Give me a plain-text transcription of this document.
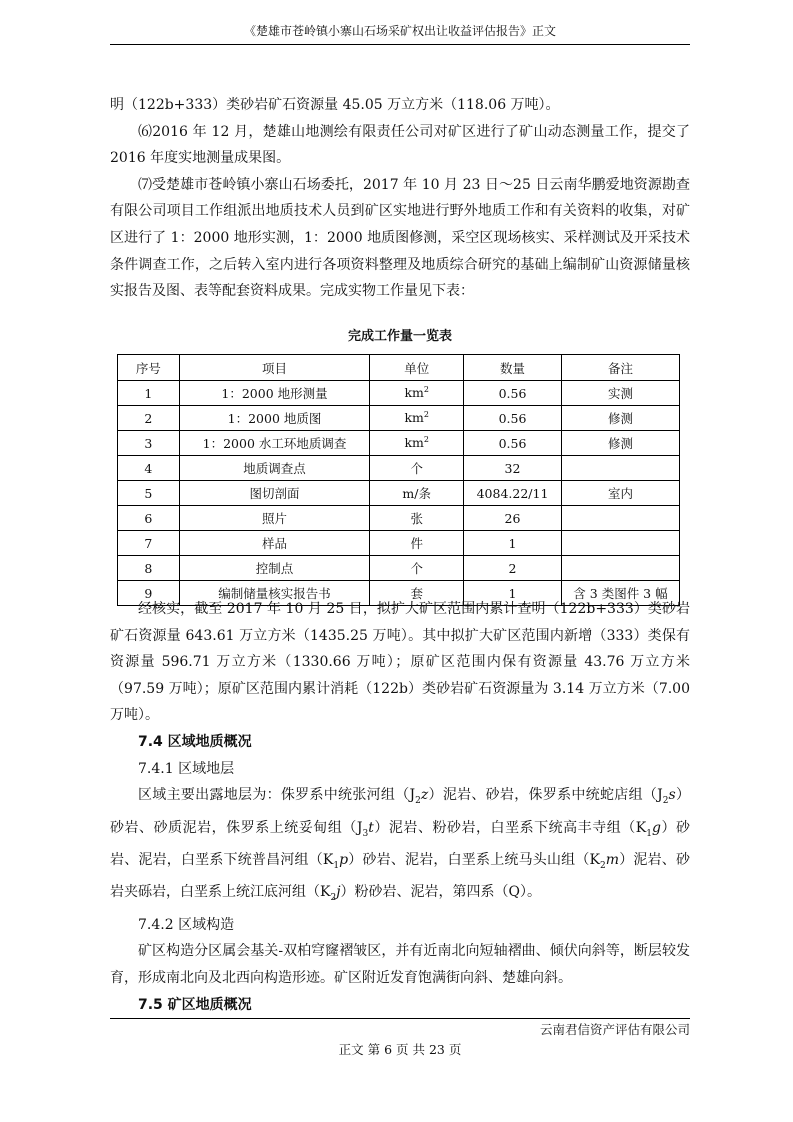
《楚雄市苍岭镇小寨山石场采矿权出让收益评估报告》正文

明（122b+333）类砂岩矿石资源量 45.05 万立方米（118.06 万吨）。

⑹2016 年 12 月，楚雄山地测绘有限责任公司对矿区进行了矿山动态测量工作，提交了 2016 年度实地测量成果图。

⑺受楚雄市苍岭镇小寨山石场委托，2017 年 10 月 23 日～25 日云南华鹏爱地资源勘查有限公司项目工作组派出地质技术人员到矿区实地进行野外地质工作和有关资料的收集，对矿区进行了 1：2000 地形实测，1：2000 地质图修测，采空区现场核实、采样测试及开采技术条件调查工作，之后转入室内进行各项资料整理及地质综合研究的基础上编制矿山资源储量核实报告及图、表等配套资料成果。完成实物工作量见下表：

完成工作量一览表
序号	项目	单位	数量	备注
1	1：2000 地形测量	$km^2$	0.56	实测
2	1：2000 地质图	$km^2$	0.56	修测
3	1：2000 水工环地质调查	$km^2$	0.56	修测
4	地质调查点	个	32	
5	图切剖面	m/条	4084.22/11	室内
6	照片	张	26	
7	样品	件	1	
8	控制点	个	2	
9	编制储量核实报告书	套	1	含 3 类图件 3 幅

经核实，截至 2017 年 10 月 25 日，拟扩大矿区范围内累计查明（122b+333）类砂岩矿石资源量 643.61 万立方米（1435.25 万吨）。其中拟扩大矿区范围内新增（333）类保有资源量 596.71 万立方米（1330.66 万吨）；原矿区范围内保有资源量 43.76 万立方米（97.59 万吨）；原矿区范围内累计消耗（122b）类砂岩矿石资源量为 3.14 万立方米（7.00 万吨）。

7.4 区域地质概况

7.4.1 区域地层

区域主要出露地层为：侏罗系中统张河组$(J_2z)$泥岩、砂岩，侏罗系中统蛇店组$(J_2s)$砂岩、砂质泥岩，侏罗系上统妥甸组$(J_3t)$泥岩、粉砂岩，白垩系下统高丰寺组$(K_1g)$砂岩、泥岩，白垩系下统普昌河组$(K_1p)$砂岩、泥岩，白垩系上统马头山组$(K_2m)$泥岩、砂岩夹砾岩，白垩系上统江底河组$(K_2j)$粉砂岩、泥岩，第四系（Q）。

7.4.2 区域构造

矿区构造分区属会基关-双柏穹窿褶皱区，并有近南北向短轴褶曲、倾伏向斜等，断层较发育，形成南北向及北西向构造形迹。矿区附近发育饱满街向斜、楚雄向斜。

7.5 矿区地质概况

云南君信资产评估有限公司
正文 第 6 页 共 23 页
